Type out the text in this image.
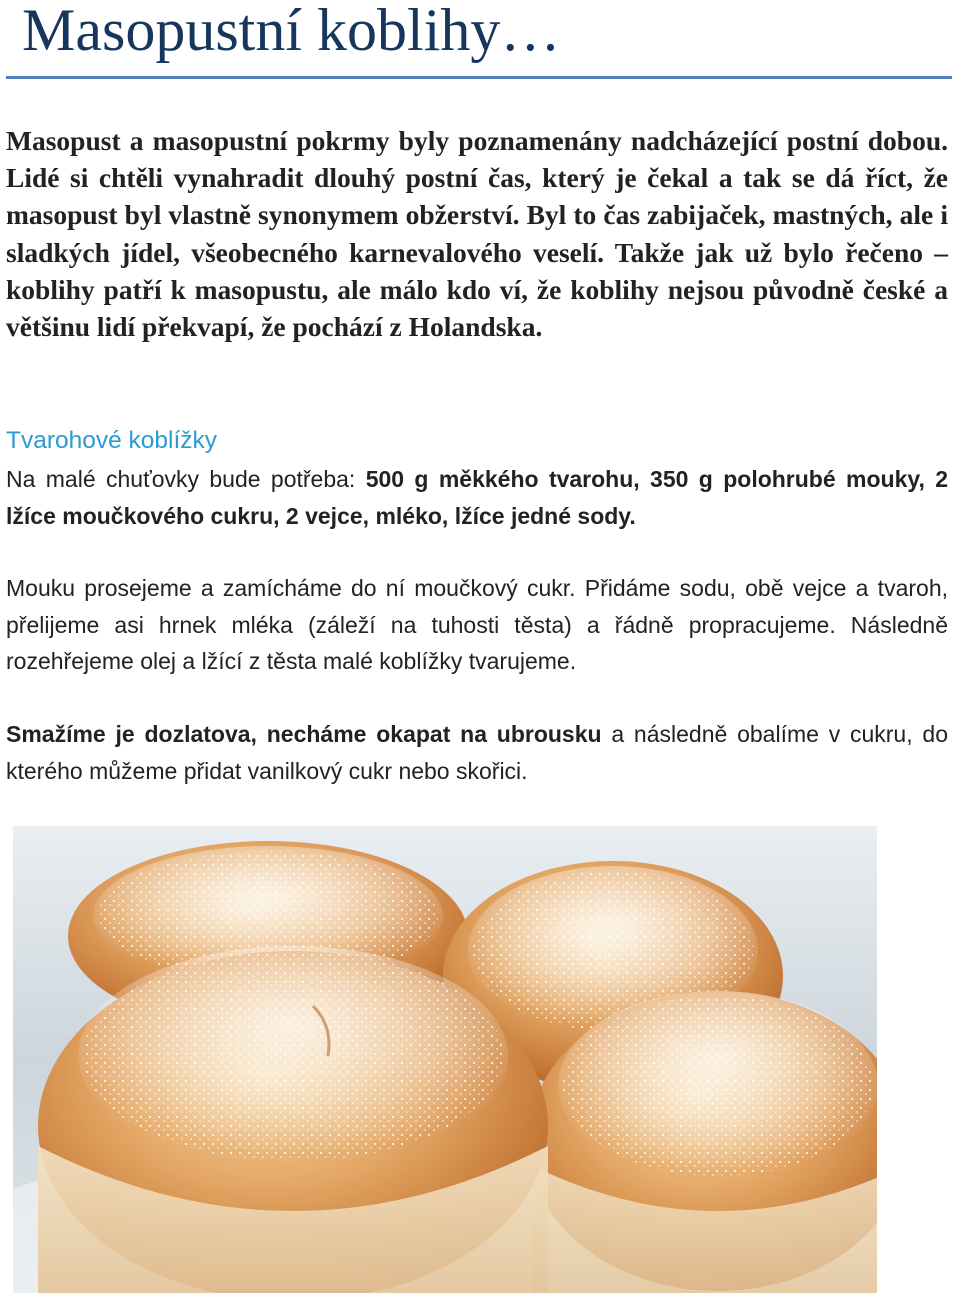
Masopustní koblihy…

Masopust a masopustní pokrmy byly poznamenány nadcházející postní dobou. Lidé si chtěli vynahradit dlouhý postní čas, který je čekal a tak se dá říct, že masopust byl vlastně synonymem obžerství. Byl to čas zabijaček, mastných, ale i sladkých jídel, všeobecného karnevalového veselí. Takže jak už bylo řečeno – koblihy patří k masopustu, ale málo kdo ví, že koblihy nejsou původně české a většinu lidí překvapí, že pochází z Holandska.

Tvarohové koblížky

Na malé chuťovky bude potřeba: 500 g měkkého tvarohu, 350 g polohrubé mouky, 2 lžíce moučkového cukru, 2 vejce, mléko, lžíce jedné sody.

Mouku prosejeme a zamícháme do ní moučkový cukr. Přidáme sodu, obě vejce a tvaroh, přelijeme asi hrnek mléka (záleží na tuhosti těsta) a řádně propracujeme. Následně rozehřejeme olej a lžící z těsta malé koblížky tvarujeme.

Smažíme je dozlatova, necháme okapat na ubrousku a následně obalíme v cukru, do kterého můžeme přidat vanilkový cukr nebo skořici.
